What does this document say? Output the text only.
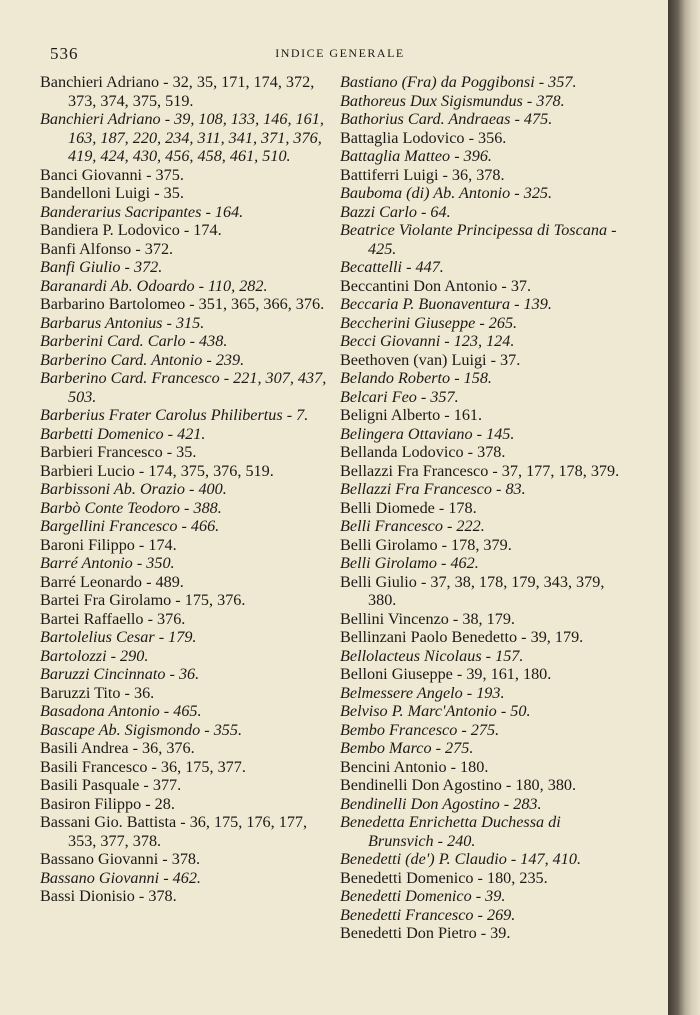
536	INDICE GENERALE
Banchieri Adriano - 32, 35, 171, 174, 372, 373, 374, 375, 519.
Banchieri Adriano - 39, 108, 133, 146, 161, 163, 187, 220, 234, 311, 341, 371, 376, 419, 424, 430, 456, 458, 461, 510.
Banci Giovanni - 375.
Bandelloni Luigi - 35.
Banderarius Sacripantes - 164.
Bandiera P. Lodovico - 174.
Banfi Alfonso - 372.
Banfi Giulio - 372.
Baranardi Ab. Odoardo - 110, 282.
Barbarino Bartolomeo - 351, 365, 366, 376.
Barbarus Antonius - 315.
Barberini Card. Carlo - 438.
Barberino Card. Antonio - 239.
Barberino Card. Francesco - 221, 307, 437, 503.
Barberius Frater Carolus Philibertus - 7.
Barbetti Domenico - 421.
Barbieri Francesco - 35.
Barbieri Lucio - 174, 375, 376, 519.
Barbissoni Ab. Orazio - 400.
Barbò Conte Teodoro - 388.
Bargellini Francesco - 466.
Baroni Filippo - 174.
Barré Antonio - 350.
Barré Leonardo - 489.
Bartei Fra Girolamo - 175, 376.
Bartei Raffaello - 376.
Bartolelius Cesar - 179.
Bartolozzi - 290.
Baruzzi Cincinnato - 36.
Baruzzi Tito - 36.
Basadona Antonio - 465.
Bascape Ab. Sigismondo - 355.
Basili Andrea - 36, 376.
Basili Francesco - 36, 175, 377.
Basili Pasquale - 377.
Basiron Filippo - 28.
Bassani Gio. Battista - 36, 175, 176, 177, 353, 377, 378.
Bassano Giovanni - 378.
Bassano Giovanni - 462.
Bassi Dionisio - 378.
Bastiano (Fra) da Poggibonsi - 357.
Bathoreus Dux Sigismundus - 378.
Bathorius Card. Andraeas - 475.
Battaglia Lodovico - 356.
Battaglia Matteo - 396.
Battiferri Luigi - 36, 378.
Bauboma (di) Ab. Antonio - 325.
Bazzi Carlo - 64.
Beatrice Violante Principessa di Toscana - 425.
Becattelli - 447.
Beccantini Don Antonio - 37.
Beccaria P. Buonaventura - 139.
Beccherini Giuseppe - 265.
Becci Giovanni - 123, 124.
Beethoven (van) Luigi - 37.
Belando Roberto - 158.
Belcari Feo - 357.
Beligni Alberto - 161.
Belingera Ottaviano - 145.
Bellanda Lodovico - 378.
Bellazzi Fra Francesco - 37, 177, 178, 379.
Bellazzi Fra Francesco - 83.
Belli Diomede - 178.
Belli Francesco - 222.
Belli Girolamo - 178, 379.
Belli Girolamo - 462.
Belli Giulio - 37, 38, 178, 179, 343, 379, 380.
Bellini Vincenzo - 38, 179.
Bellinzani Paolo Benedetto - 39, 179.
Bellolacteus Nicolaus - 157.
Belloni Giuseppe - 39, 161, 180.
Belmessere Angelo - 193.
Belviso P. Marc'Antonio - 50.
Bembo Francesco - 275.
Bembo Marco - 275.
Bencini Antonio - 180.
Bendinelli Don Agostino - 180, 380.
Bendinelli Don Agostino - 283.
Benedetta Enrichetta Duchessa di Brunsvich - 240.
Benedetti (de') P. Claudio - 147, 410.
Benedetti Domenico - 180, 235.
Benedetti Domenico - 39.
Benedetti Francesco - 269.
Benedetti Don Pietro - 39.
